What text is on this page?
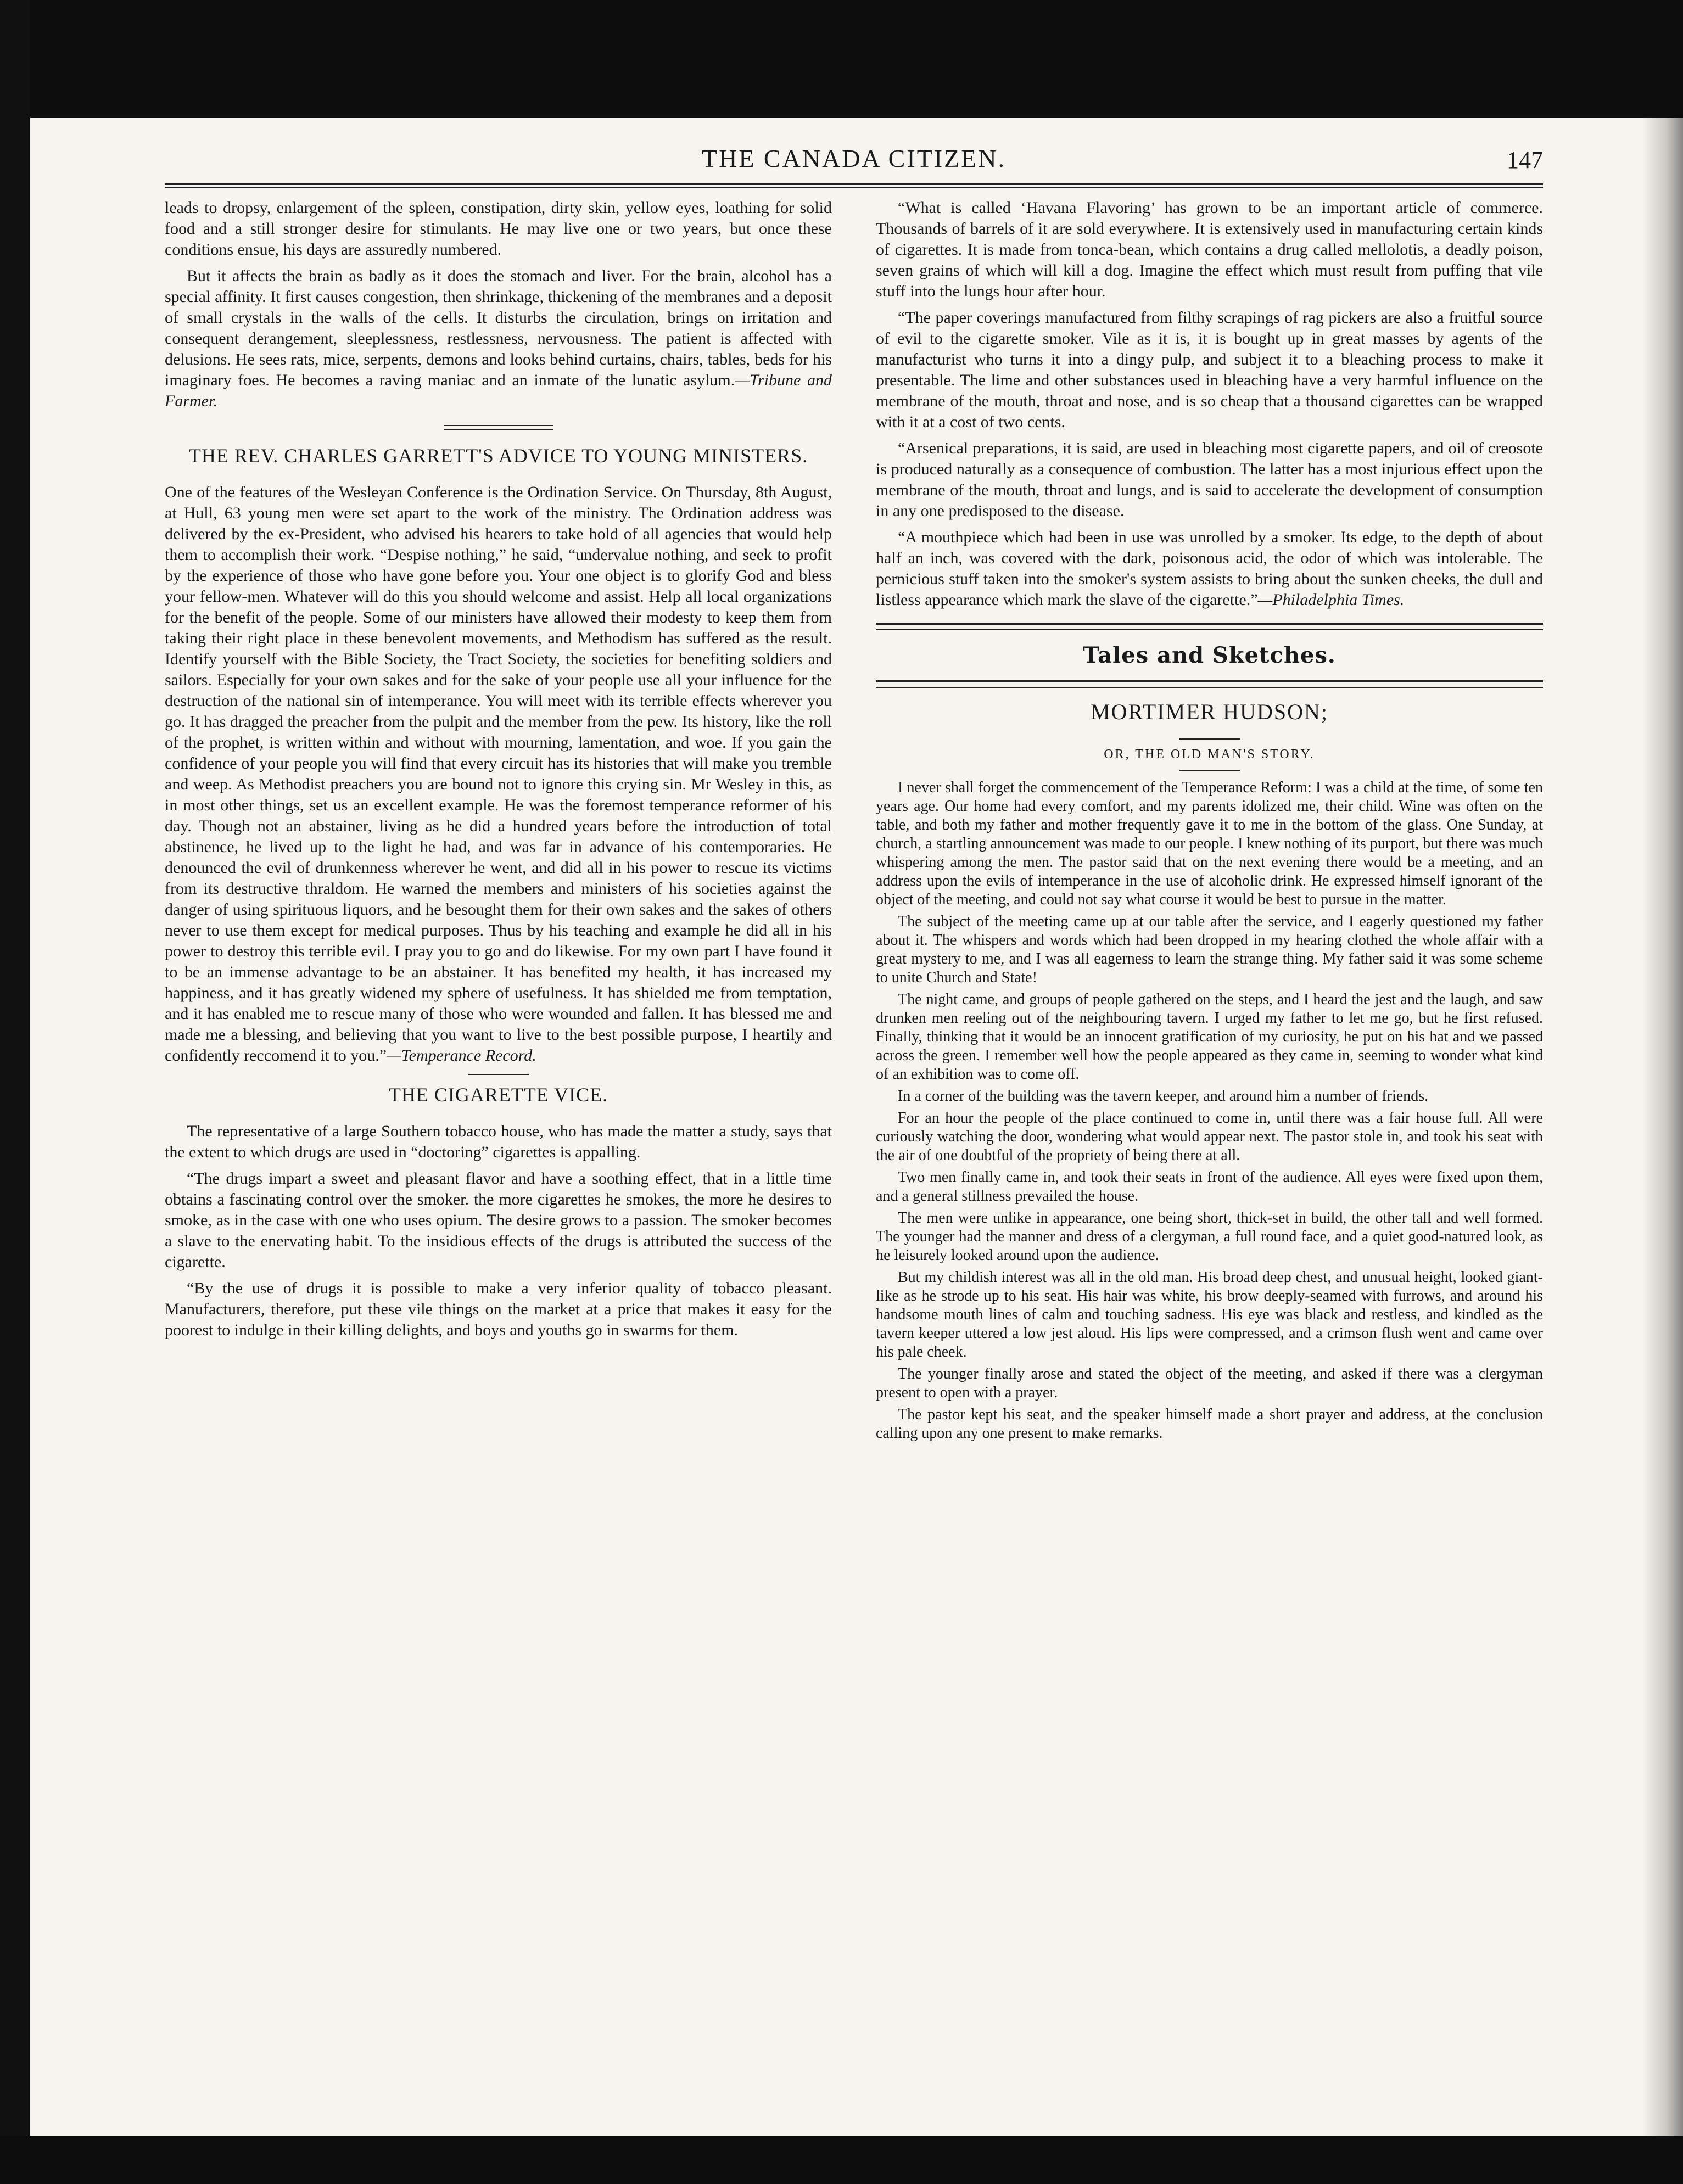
THE CANADA CITIZEN.	147

leads to dropsy, enlargement of the spleen, constipation, dirty skin, yellow eyes, loathing for solid food and a still stronger desire for stimulants. He may live one or two years, but once these conditions ensue, his days are assuredly numbered.

But it affects the brain as badly as it does the stomach and liver. For the brain, alcohol has a special affinity. It first causes congestion, then shrinkage, thickening of the membranes and a deposit of small crystals in the walls of the cells. It disturbs the circulation, brings on irritation and consequent derangement, sleeplessness, restlessness, nervousness. The patient is affected with delusions. He sees rats, mice, serpents, demons and looks behind curtains, chairs, tables, beds for his imaginary foes. He becomes a raving maniac and an inmate of the lunatic asylum.—Tribune and Farmer.

THE REV. CHARLES GARRETT'S ADVICE TO YOUNG MINISTERS.

One of the features of the Wesleyan Conference is the Ordination Service. On Thursday, 8th August, at Hull, 63 young men were set apart to the work of the ministry. The Ordination address was delivered by the ex-President, who advised his hearers to take hold of all agencies that would help them to accomplish their work. “Despise nothing,” he said, “undervalue nothing, and seek to profit by the experience of those who have gone before you. Your one object is to glorify God and bless your fellow-men. Whatever will do this you should welcome and assist. Help all local organizations for the benefit of the people. Some of our ministers have allowed their modesty to keep them from taking their right place in these benevolent movements, and Methodism has suffered as the result. Identify yourself with the Bible Society, the Tract Society, the societies for benefiting soldiers and sailors. Especially for your own sakes and for the sake of your people use all your influence for the destruction of the national sin of intemperance. You will meet with its terrible effects wherever you go. It has dragged the preacher from the pulpit and the member from the pew. Its history, like the roll of the prophet, is written within and without with mourning, lamentation, and woe. If you gain the confidence of your people you will find that every circuit has its histories that will make you tremble and weep. As Methodist preachers you are bound not to ignore this crying sin. Mr Wesley in this, as in most other things, set us an excellent example. He was the foremost temperance reformer of his day. Though not an abstainer, living as he did a hundred years before the introduction of total abstinence, he lived up to the light he had, and was far in advance of his contemporaries. He denounced the evil of drunkenness wherever he went, and did all in his power to rescue its victims from its destructive thraldom. He warned the members and ministers of his societies against the danger of using spirituous liquors, and he besought them for their own sakes and the sakes of others never to use them except for medical purposes. Thus by his teaching and example he did all in his power to destroy this terrible evil. I pray you to go and do likewise. For my own part I have found it to be an immense advantage to be an abstainer. It has benefited my health, it has increased my happiness, and it has greatly widened my sphere of usefulness. It has shielded me from temptation, and it has enabled me to rescue many of those who were wounded and fallen. It has blessed me and made me a blessing, and believing that you want to live to the best possible purpose, I heartily and confidently reccomend it to you.”—Temperance Record.

THE CIGARETTE VICE.

The representative of a large Southern tobacco house, who has made the matter a study, says that the extent to which drugs are used in “doctoring” cigarettes is appalling.

“The drugs impart a sweet and pleasant flavor and have a soothing effect, that in a little time obtains a fascinating control over the smoker. the more cigarettes he smokes, the more he desires to smoke, as in the case with one who uses opium. The desire grows to a passion. The smoker becomes a slave to the enervating habit. To the insidious effects of the drugs is attributed the success of the cigarette.

“By the use of drugs it is possible to make a very inferior quality of tobacco pleasant. Manufacturers, therefore, put these vile things on the market at a price that makes it easy for the poorest to indulge in their killing delights, and boys and youths go in swarms for them.

“What is called ‘Havana Flavoring’ has grown to be an important article of commerce. Thousands of barrels of it are sold everywhere. It is extensively used in manufacturing certain kinds of cigarettes. It is made from tonca-bean, which contains a drug called mellolotis, a deadly poison, seven grains of which will kill a dog. Imagine the effect which must result from puffing that vile stuff into the lungs hour after hour.

“The paper coverings manufactured from filthy scrapings of rag pickers are also a fruitful source of evil to the cigarette smoker. Vile as it is, it is bought up in great masses by agents of the manufacturist who turns it into a dingy pulp, and subject it to a bleaching process to make it presentable. The lime and other substances used in bleaching have a very harmful influence on the membrane of the mouth, throat and nose, and is so cheap that a thousand cigarettes can be wrapped with it at a cost of two cents.

“Arsenical preparations, it is said, are used in bleaching most cigarette papers, and oil of creosote is produced naturally as a consequence of combustion. The latter has a most injurious effect upon the membrane of the mouth, throat and lungs, and is said to accelerate the development of consumption in any one predisposed to the disease.

“A mouthpiece which had been in use was unrolled by a smoker. Its edge, to the depth of about half an inch, was covered with the dark, poisonous acid, the odor of which was intolerable. The pernicious stuff taken into the smoker's system assists to bring about the sunken cheeks, the dull and listless appearance which mark the slave of the cigarette.”—Philadelphia Times.

Tales and Sketches.
MORTIMER HUDSON;
OR, THE OLD MAN'S STORY.

I never shall forget the commencement of the Temperance Reform: I was a child at the time, of some ten years age. Our home had every comfort, and my parents idolized me, their child. Wine was often on the table, and both my father and mother frequently gave it to me in the bottom of the glass. One Sunday, at church, a startling announcement was made to our people. I knew nothing of its purport, but there was much whispering among the men. The pastor said that on the next evening there would be a meeting, and an address upon the evils of intemperance in the use of alcoholic drink. He expressed himself ignorant of the object of the meeting, and could not say what course it would be best to pursue in the matter.

The subject of the meeting came up at our table after the service, and I eagerly questioned my father about it. The whispers and words which had been dropped in my hearing clothed the whole affair with a great mystery to me, and I was all eagerness to learn the strange thing. My father said it was some scheme to unite Church and State!

The night came, and groups of people gathered on the steps, and I heard the jest and the laugh, and saw drunken men reeling out of the neighbouring tavern. I urged my father to let me go, but he first refused. Finally, thinking that it would be an innocent gratification of my curiosity, he put on his hat and we passed across the green. I remember well how the people appeared as they came in, seeming to wonder what kind of an exhibition was to come off.

In a corner of the building was the tavern keeper, and around him a number of friends.

For an hour the people of the place continued to come in, until there was a fair house full. All were curiously watching the door, wondering what would appear next. The pastor stole in, and took his seat with the air of one doubtful of the propriety of being there at all.

Two men finally came in, and took their seats in front of the audience. All eyes were fixed upon them, and a general stillness prevailed the house.

The men were unlike in appearance, one being short, thick-set in build, the other tall and well formed. The younger had the manner and dress of a clergyman, a full round face, and a quiet good-natured look, as he leisurely looked around upon the audience.

But my childish interest was all in the old man. His broad deep chest, and unusual height, looked giant-like as he strode up to his seat. His hair was white, his brow deeply-seamed with furrows, and around his handsome mouth lines of calm and touching sadness. His eye was black and restless, and kindled as the tavern keeper uttered a low jest aloud. His lips were compressed, and a crimson flush went and came over his pale cheek.

The younger finally arose and stated the object of the meeting, and asked if there was a clergyman present to open with a prayer.

The pastor kept his seat, and the speaker himself made a short prayer and address, at the conclusion calling upon any one present to make remarks.
